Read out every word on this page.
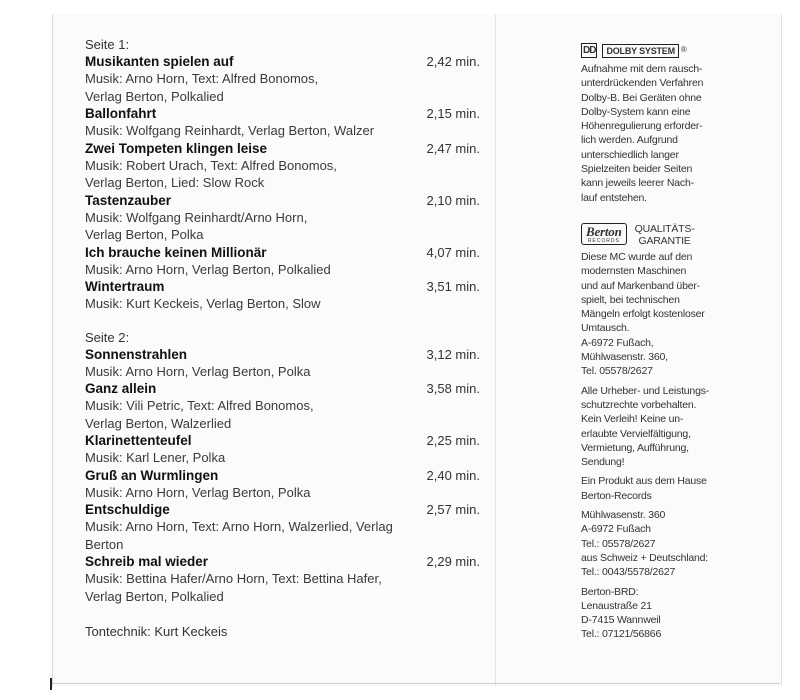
Seite 1:
Musikanten spielen auf	2,42 min.
Musik: Arno Horn, Text: Alfred Bonomos,
Verlag Berton, Polkalied
Ballonfahrt	2,15 min.
Musik: Wolfgang Reinhardt, Verlag Berton, Walzer
Zwei Tompeten klingen leise	2,47 min.
Musik: Robert Urach, Text: Alfred Bonomos,
Verlag Berton, Lied: Slow Rock
Tastenzauber	2,10 min.
Musik: Wolfgang Reinhardt/Arno Horn,
Verlag Berton, Polka
Ich brauche keinen Millionär	4,07 min.
Musik: Arno Horn, Verlag Berton, Polkalied
Wintertraum	3,51 min.
Musik: Kurt Keckeis, Verlag Berton, Slow
Seite 2:
Sonnenstrahlen	3,12 min.
Musik: Arno Horn, Verlag Berton, Polka
Ganz allein	3,58 min.
Musik: Vili Petric, Text: Alfred Bonomos,
Verlag Berton, Walzerlied
Klarinettenteufel	2,25 min.
Musik: Karl Lener, Polka
Gruß an Wurmlingen	2,40 min.
Musik: Arno Horn, Verlag Berton, Polka
Entschuldige	2,57 min.
Musik: Arno Horn, Text: Arno Horn, Walzerlied, Verlag
Berton
Schreib mal wieder	2,29 min.
Musik: Bettina Hafer/Arno Horn, Text: Bettina Hafer,
Verlag Berton, Polkalied
Tontechnik: Kurt Keckeis
DD	DOLBY SYSTEM ®

Aufnahme mit dem rausch-
unterdrückenden Verfahren
Dolby-B. Bei Geräten ohne
Dolby-System kann eine
Höhenregulierung erforder-
lich werden. Aufgrund
unterschiedlich langer
Spielzeiten beider Seiten
kann jeweils leerer Nach-
lauf entstehen.

Berton
RECORDS
QUALITÄTS-
GARANTIE

Diese MC wurde auf den
modernsten Maschinen
und auf Markenband über-
spielt, bei technischen
Mängeln erfolgt kostenloser
Umtausch.
A-6972 Fußach,
Mühlwasenstr. 360,
Tel. 05578/2627

Alle Urheber- und Leistungs-
schutzrechte vorbehalten.
Kein Verleih! Keine un-
erlaubte Vervielfältigung,
Vermietung, Aufführung,
Sendung!

Ein Produkt aus dem Hause
Berton-Records

Mühlwasenstr. 360
A-6972 Fußach
Tel.: 05578/2627
aus Schweiz + Deutschland:
Tel.: 0043/5578/2627

Berton-BRD:
Lenaustraße 21
D-7415 Wannweil
Tel.: 07121/56866
